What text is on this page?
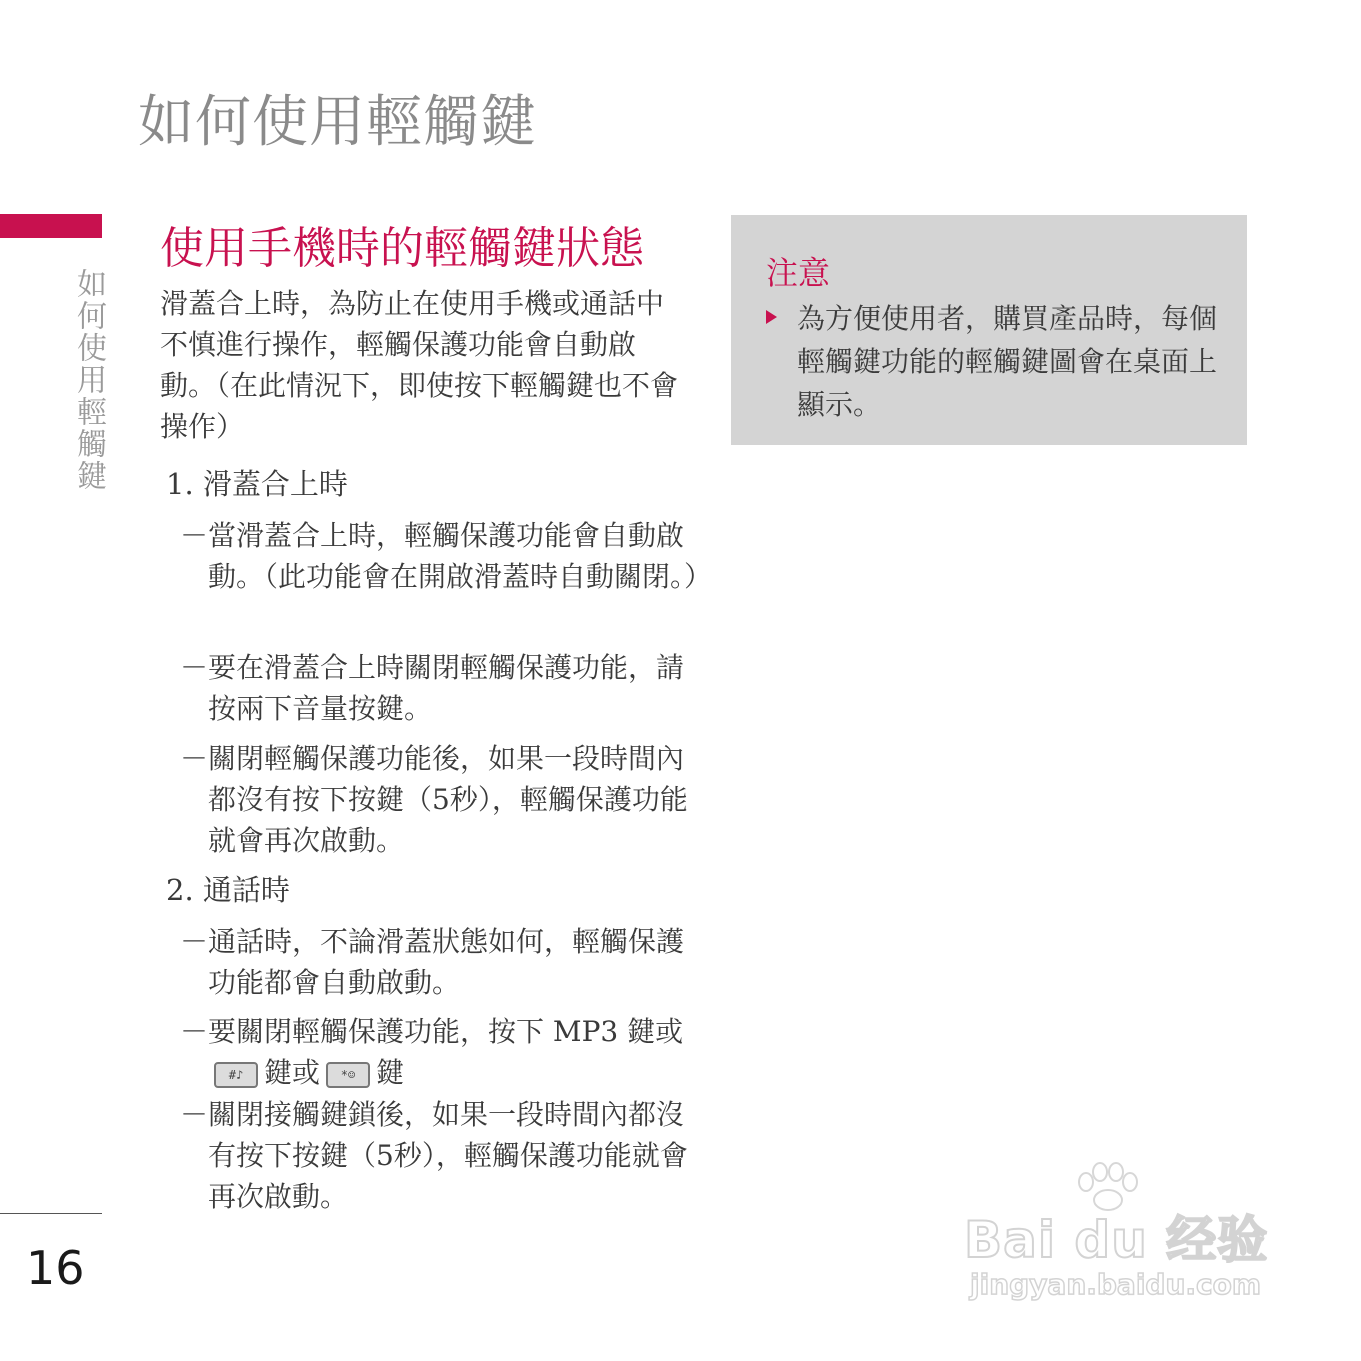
如何使用輕觸鍵
如何使用輕觸鍵
使用手機時的輕觸鍵狀態

滑蓋合上時，為防止在使用手機或通話中不慎進行操作，輕觸保護功能會自動啟動。（在此情況下，即使按下輕觸鍵也不會操作）

1. 滑蓋合上時

－當滑蓋合上時，輕觸保護功能會自動啟動。（此功能會在開啟滑蓋時自動關閉。）

－要在滑蓋合上時關閉輕觸保護功能，請按兩下音量按鍵。

－關閉輕觸保護功能後，如果一段時間內都沒有按下按鍵（5秒），輕觸保護功能就會再次啟動。

2. 通話時

－通話時，不論滑蓋狀態如何，輕觸保護功能都會自動啟動。

－要關閉輕觸保護功能，按下 MP3 鍵或
#♪ 鍵或 *☺ 鍵

－關閉接觸鍵鎖後，如果一段時間內都沒有按下按鍵（5秒），輕觸保護功能就會再次啟動。

注意

為方便使用者，購買產品時，每個輕觸鍵功能的輕觸鍵圖會在桌面上顯示。

16	Bai du 经验
jingyan.baidu.com
